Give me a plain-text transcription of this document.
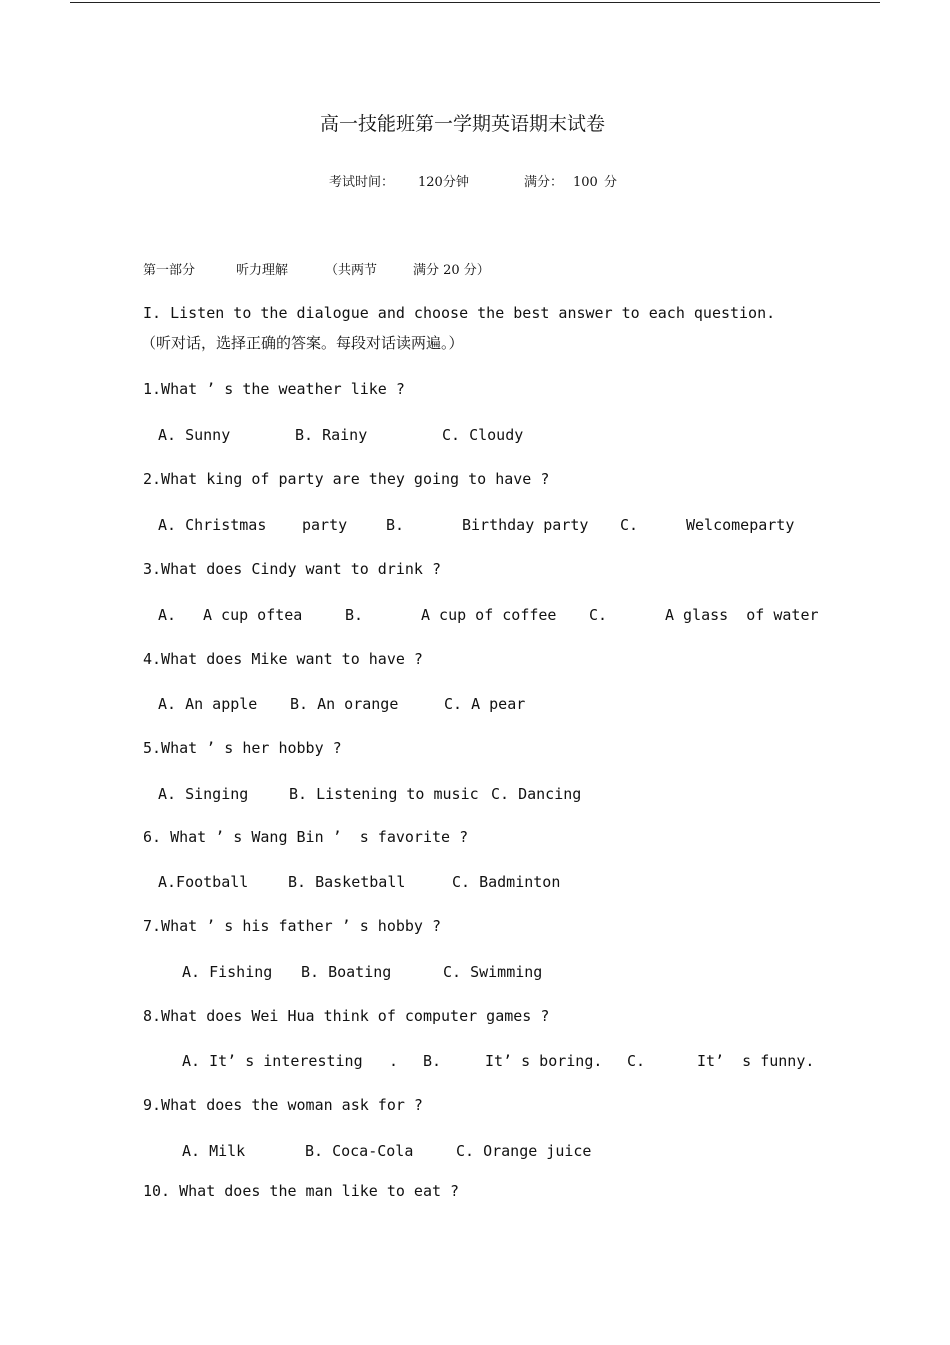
高一技能班第一学期英语期末试卷
考试时间： 120分钟	满分： 100 分
第一部分	听力理解	（共两节	满分 20 分）
I. Listen to the dialogue and choose the best answer to each question.
（听对话，选择正确的答案。每段对话读两遍。）
1.What ’ s the weather like ?
A. Sunny	B. Rainy	C. Cloudy
2.What king of party are they going to have ?
A. Christmas party	B.	Birthday party C.	Welcomeparty
3.What does Cindy want to drink ?
A. A cup oftea	B.	A cup of coffee C.	A glass  of water
4.What does Mike want to have ?
A. An apple B. An orange	C. A pear
5.What ’ s her hobby ?
A. Singing	B. Listening to music C. Dancing
6. What ’ s Wang Bin ’  s favorite ?
A.Football	B. Basketball	C. Badminton
7.What ’ s his father ’ s hobby ?
A. Fishing B. Boating	C. Swimming
8.What does Wei Hua think of computer games ?
A. It’ s interesting . B.	It’ s boring. C.	It’  s funny.
9.What does the woman ask for ?
A. Milk	B. Coca-Cola	C. Orange juice
10. What does the man like to eat ?
